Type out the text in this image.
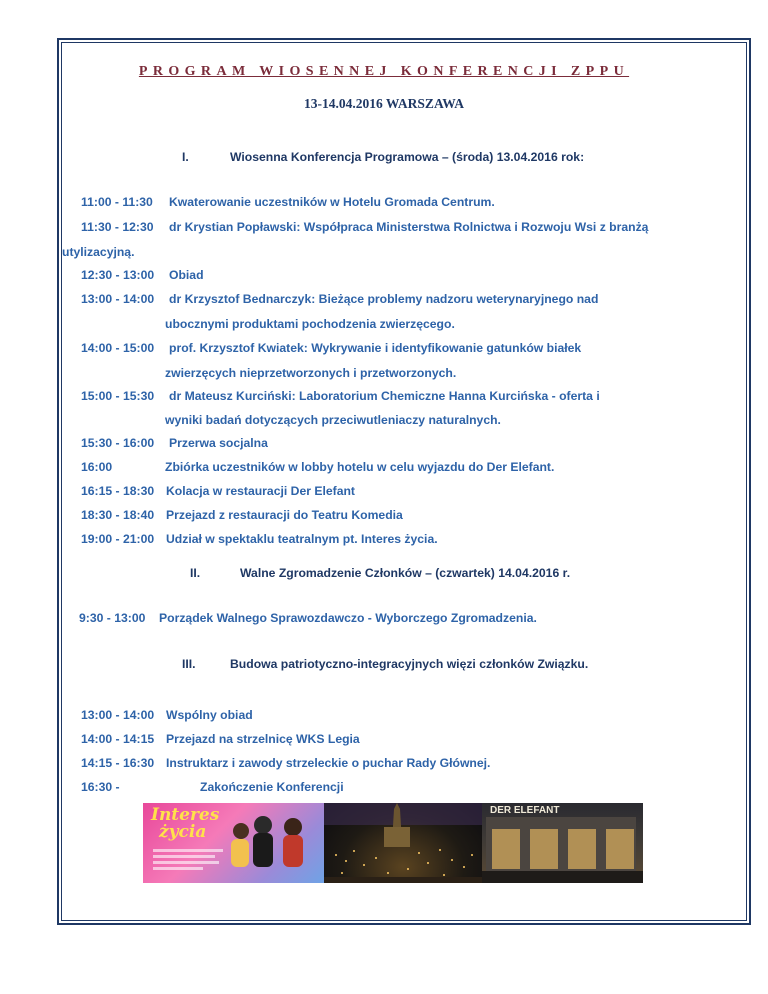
PROGRAM WIOSENNEJ KONFERENCJI ZPPU
13-14.04.2016 WARSZAWA
I.	Wiosenna Konferencja Programowa – (środa) 13.04.2016 rok:
11:00 - 11:30 Kwaterowanie uczestników w Hotelu Gromada Centrum.
11:30 - 12:30 dr Krystian Popławski: Współpraca Ministerstwa Rolnictwa i Rozwoju Wsi z branżą
utylizacyjną.
12:30 - 13:00 Obiad
13:00 - 14:00 dr Krzysztof Bednarczyk: Bieżące problemy nadzoru weterynaryjnego nad
ubocznymi produktami pochodzenia zwierzęcego.
14:00 - 15:00 prof. Krzysztof Kwiatek: Wykrywanie i identyfikowanie gatunków białek
zwierzęcych nieprzetworzonych i przetworzonych.
15:00 - 15:30 dr Mateusz Kurciński: Laboratorium Chemiczne Hanna Kurcińska - oferta i
wyniki badań dotyczących przeciwutleniaczy naturalnych.
15:30 - 16:00 Przerwa socjalna
16:00	Zbiórka uczestników w lobby hotelu w celu wyjazdu do Der Elefant.
16:15 - 18:30 Kolacja w restauracji Der Elefant
18:30 - 18:40 Przejazd z restauracji do Teatru Komedia
19:00 - 21:00 Udział w spektaklu teatralnym pt. Interes życia.
II.	Walne Zgromadzenie Członków – (czwartek) 14.04.2016 r.
9:30 - 13:00 Porządek Walnego Sprawozdawczo - Wyborczego Zgromadzenia.
III.	Budowa patriotyczno-integracyjnych więzi członków Związku.
13:00 - 14:00 Wspólny obiad
14:00 - 14:15 Przejazd na strzelnicę WKS Legia
14:15 - 16:30 Instruktarz i zawody strzeleckie o puchar Rady Głównej.
16:30 -	Zakończenie Konferencji
Interes
życia
DER ELEFANT
